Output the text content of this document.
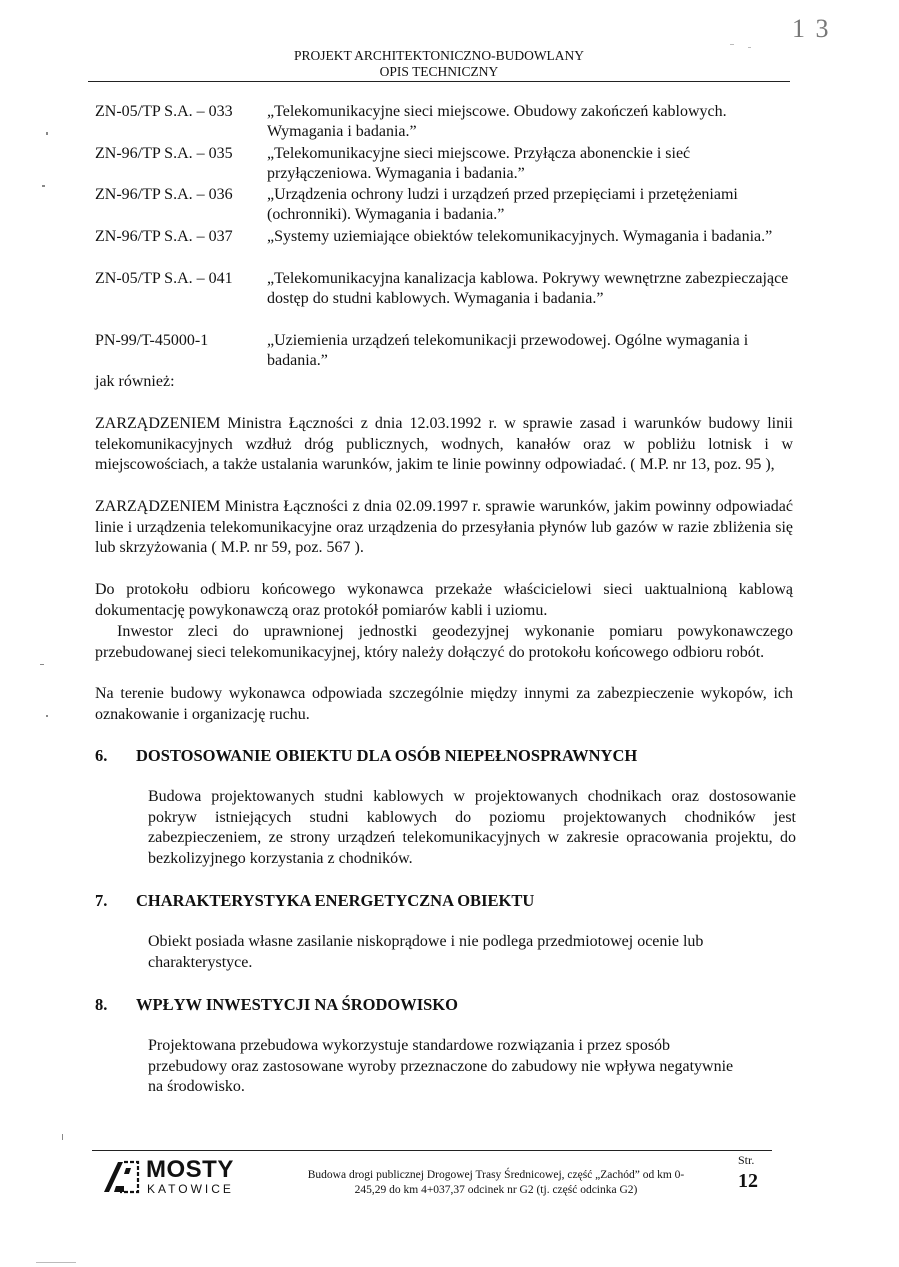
1 3
PROJEKT ARCHITEKTONICZNO-BUDOWLANY
OPIS TECHNICZNY
ZN-05/TP S.A. – 033 „Telekomunikacyjne sieci miejscowe. Obudowy zakończeń kablowych. Wymagania i badania.”
ZN-96/TP S.A. – 035 „Telekomunikacyjne sieci miejscowe. Przyłącza abonenckie i sieć przyłączeniowa. Wymagania i badania.”
ZN-96/TP S.A. – 036 „Urządzenia ochrony ludzi i urządzeń przed przepięciami i przetężeniami (ochronniki). Wymagania i badania.”
ZN-96/TP S.A. – 037 „Systemy uziemiające obiektów telekomunikacyjnych. Wymagania i badania.”
ZN-05/TP S.A. – 041 „Telekomunikacyjna kanalizacja kablowa. Pokrywy wewnętrzne zabezpieczające dostęp do studni kablowych. Wymagania i badania.”
PN-99/T-45000-1	„Uziemienia urządzeń telekomunikacji przewodowej. Ogólne wymagania i badania.”
jak również:
ZARZĄDZENIEM Ministra Łączności z dnia 12.03.1992 r. w sprawie zasad i warunków budowy linii telekomunikacyjnych wzdłuż dróg publicznych, wodnych, kanałów oraz w pobliżu lotnisk i w miejscowościach, a także ustalania warunków, jakim te linie powinny odpowiadać. ( M.P. nr 13, poz. 95 ),
ZARZĄDZENIEM Ministra Łączności z dnia 02.09.1997 r. sprawie warunków, jakim powinny odpowiadać linie i urządzenia telekomunikacyjne oraz urządzenia do przesyłania płynów lub gazów w razie zbliżenia się lub skrzyżowania ( M.P. nr 59, poz. 567 ).
Do protokołu odbioru końcowego wykonawca przekaże właścicielowi sieci uaktualnioną kablową dokumentację powykonawczą oraz protokół pomiarów kabli i uziomu.
Inwestor zleci do uprawnionej jednostki geodezyjnej wykonanie pomiaru powykonawczego przebudowanej sieci telekomunikacyjnej, który należy dołączyć do protokołu końcowego odbioru robót.
Na terenie budowy wykonawca odpowiada szczególnie między innymi za zabezpieczenie wykopów, ich oznakowanie i organizację ruchu.
6. DOSTOSOWANIE OBIEKTU DLA OSÓB NIEPEŁNOSPRAWNYCH
Budowa projektowanych studni kablowych w projektowanych chodnikach oraz dostosowanie pokryw istniejących studni kablowych do poziomu projektowanych chodników jest zabezpieczeniem, ze strony urządzeń telekomunikacyjnych w zakresie opracowania projektu, do bezkolizyjnego korzystania z chodników.
7. CHARAKTERYSTYKA ENERGETYCZNA OBIEKTU
Obiekt posiada własne zasilanie niskoprądowe i nie podlega przedmiotowej ocenie lub charakterystyce.
8. WPŁYW INWESTYCJI NA ŚRODOWISKO
Projektowana przebudowa wykorzystuje standardowe rozwiązania i przez sposób przebudowy oraz zastosowane wyroby przeznaczone do zabudowy nie wpływa negatywnie na środowisko.
MOSTY
KATOWICE
Budowa drogi publicznej Drogowej Trasy Średnicowej, część „Zachód” od km 0-
245,29 do km 4+037,37 odcinek nr G2 (tj. część odcinka G2)
Str.
12
